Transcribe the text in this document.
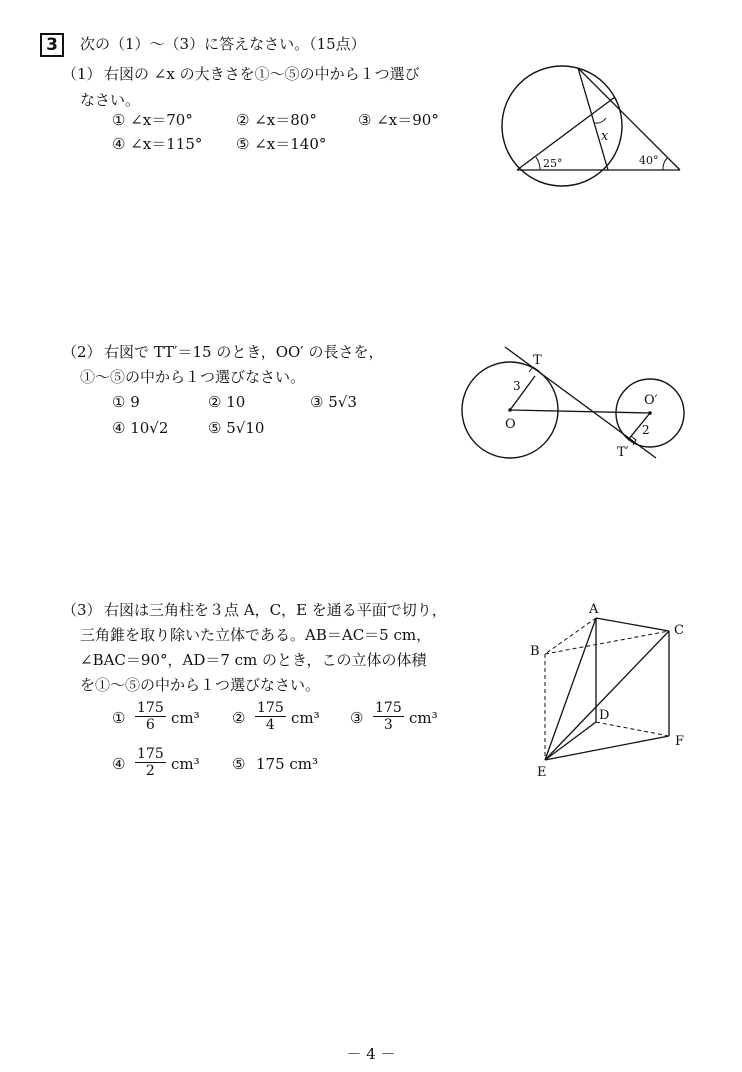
3	次の（1）～（3）に答えなさい。（15点）
（1） 右図の ∠x の大きさを①～⑤の中から１つ選び
なさい。
① ∠x＝70°	② ∠x＝80°	③ ∠x＝90°
④ ∠x＝115° ⑤ ∠x＝140°
25°	40°
x
（2） 右図で TT′＝15 のとき，OO′ の長さを，
①～⑤の中から１つ選びなさい。
① 9	② 10	③ 5√3
④ 10√2	⑤ 5√10
T
T′
O
O′
3
2
（3） 右図は三角柱を３点 A，C，E を通る平面で切り，
三角錐を取り除いた立体である。AB＝AC＝5 cm，
∠BAC＝90°，AD＝7 cm のとき，この立体の体積
を①～⑤の中から１つ選びなさい。
① $\frac{175}{6} cm^3$ ② $\frac{175}{4} cm^3$ ③ $\frac{175}{3} cm^3$
④ $\frac{175}{2} cm^3$ ⑤ 175 cm³
A
B
C
D
E
F
－ 4 －
